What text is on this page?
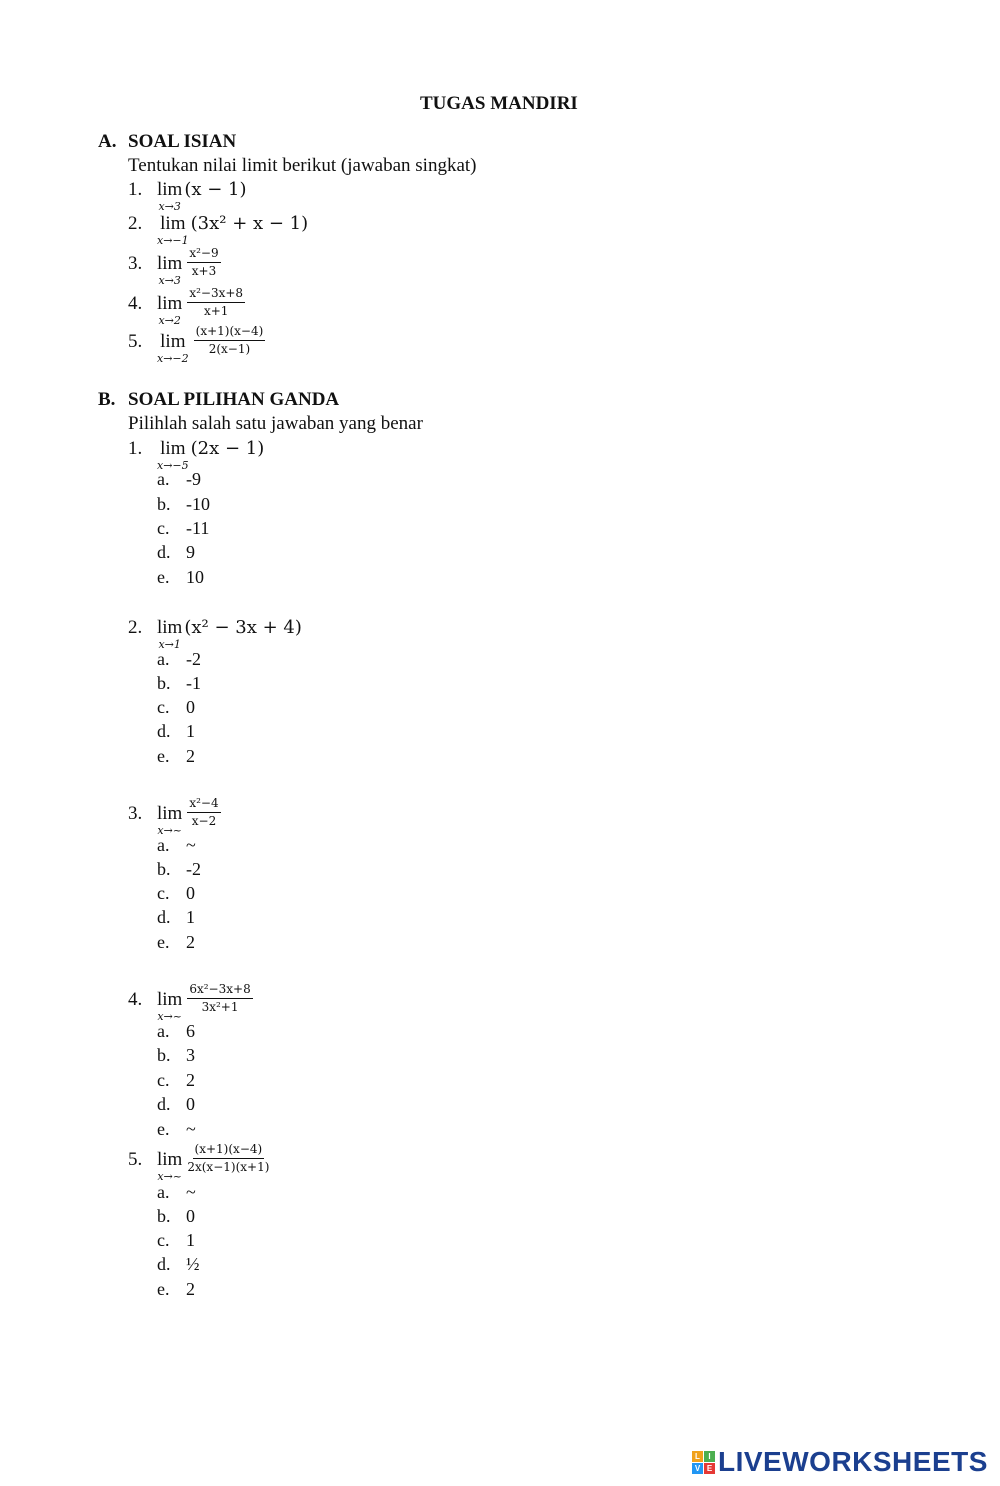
TUGAS MANDIRI
A. SOAL ISIAN
Tentukan nilai limit berikut (jawaban singkat)
1. lim
x→3
(x − 1)
2. lim
x→−1
(3x² + x − 1)
3. lim
x→3
$\frac{\text{x²−9}}{x+3}$
4. lim
x→2
$\frac{\text{x²−3x+8}}{x+1}$
5. lim
x→−2
$\frac{(x+1)(x-4)}{2(x-1)}$
B. SOAL PILIHAN GANDA
Pilihlah salah satu jawaban yang benar
1. lim
x→−5
(2x − 1)
a. -9
b. -10
c. -11
d. 9
e. 10
2. lim
x→1
(x² − 3x + 4)
a. -2
b. -1
c. 0
d. 1
e. 2
3. lim
x→~
$\frac{\text{x²−4}}{x-2}$
a. ~
b. -2
c. 0
d. 1
e. 2
4. lim
x→~
$\frac{\text{6x²−3x+8}}{\text{3x²+1}}$
a. 6
b. 3
c. 2
d. 0
e. ~
5. lim
x→~
$\frac{(x+1)(x-4)}{2x(x-1)(x+1)}$
a. ~
b. 0
c. 1
d. ½
e. 2
L	I
V E LIVEWORKSHEETS
